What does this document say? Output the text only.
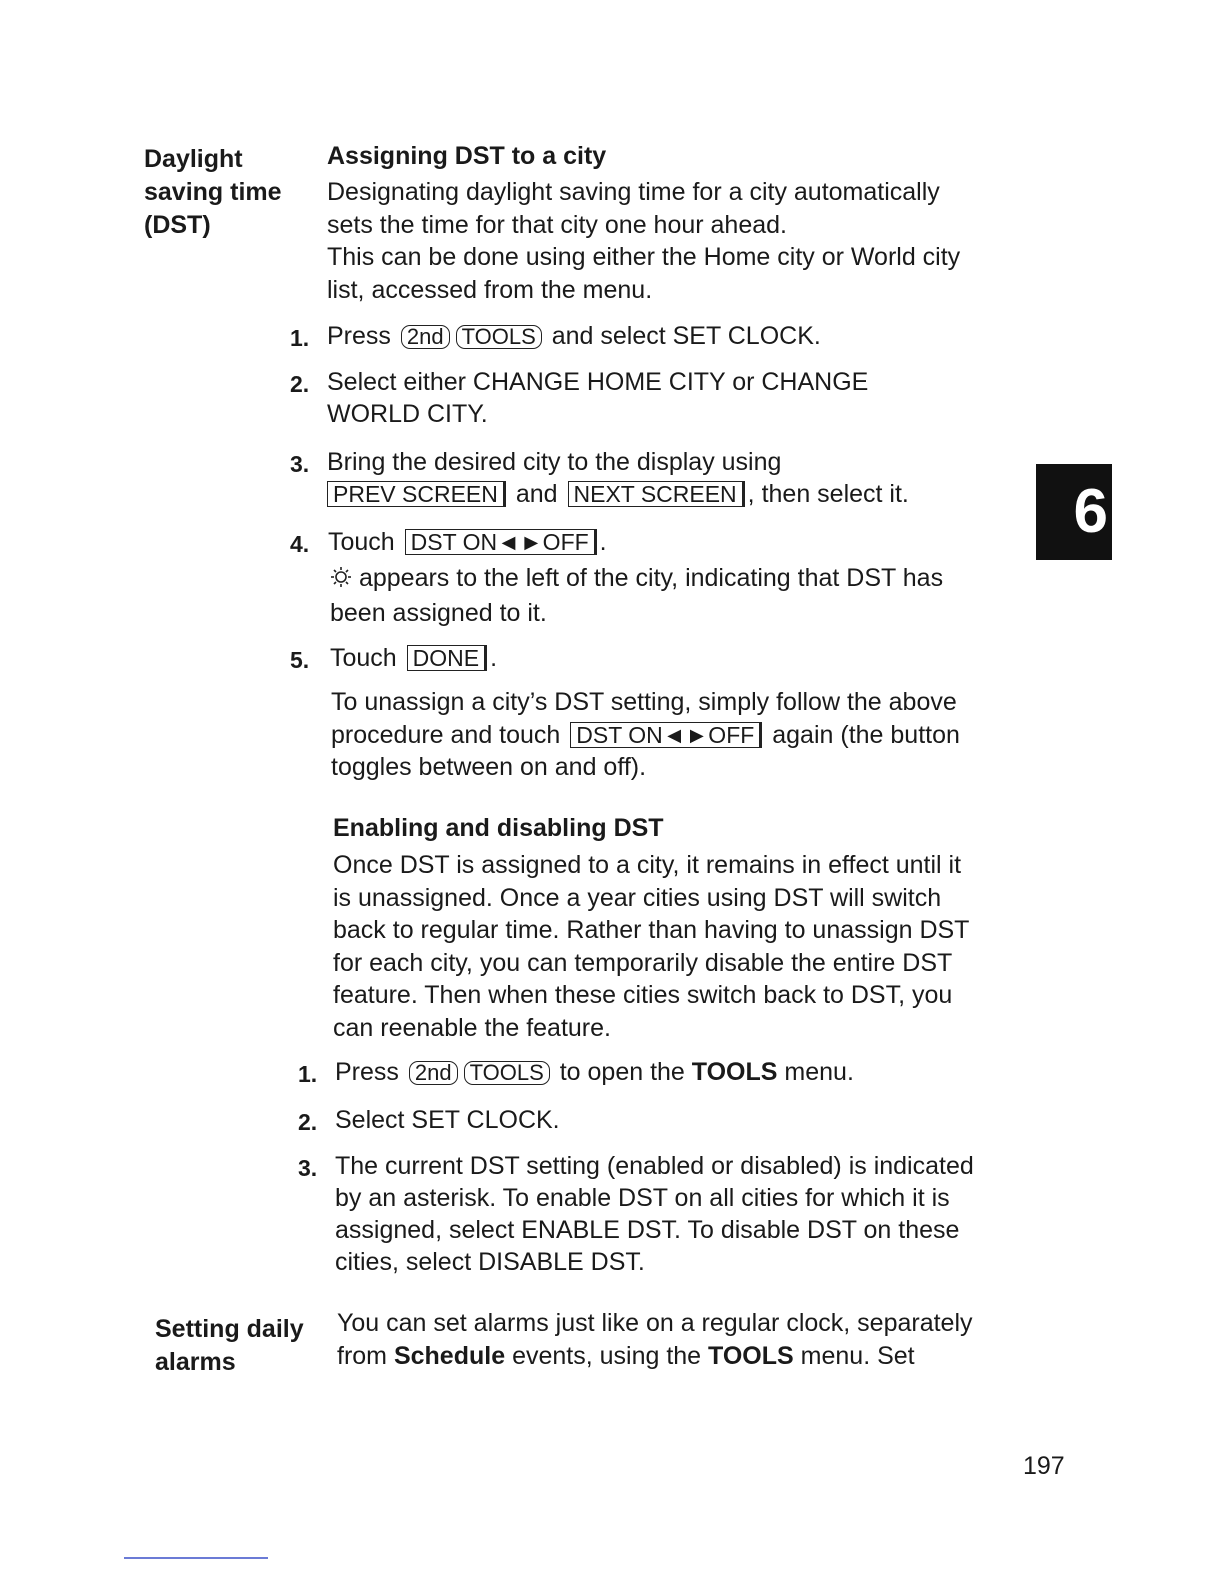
Daylight
saving time
(DST)
Setting daily
alarms
Assigning DST to a city
Designating daylight saving time for a city automatically
sets the time for that city one hour ahead.
This can be done using either the Home city or World city
list, accessed from the menu.
1. Press 2nd TOOLS and select SET CLOCK.
2. Select either CHANGE HOME CITY or CHANGE
WORLD CITY.
3. Bring the desired city to the display using
PREV SCREEN and NEXT SCREEN , then select it.
4. Touch DST ON◄►OFF .
appears to the left of the city, indicating that DST has
been assigned to it.
5. Touch DONE .
To unassign a city’s DST setting, simply follow the above
procedure and touch DST ON◄►OFF again (the button
toggles between on and off).
Enabling and disabling DST
Once DST is assigned to a city, it remains in effect until it
is unassigned. Once a year cities using DST will switch
back to regular time. Rather than having to unassign DST
for each city, you can temporarily disable the entire DST
feature. Then when these cities switch back to DST, you
can reenable the feature.
1. Press 2nd TOOLS to open the TOOLS menu.
2. Select SET CLOCK.
3. The current DST setting (enabled or disabled) is indicated
by an asterisk. To enable DST on all cities for which it is
assigned, select ENABLE DST. To disable DST on these
cities, select DISABLE DST.
You can set alarms just like on a regular clock, separately
from Schedule events, using the TOOLS menu. Set
6
197
